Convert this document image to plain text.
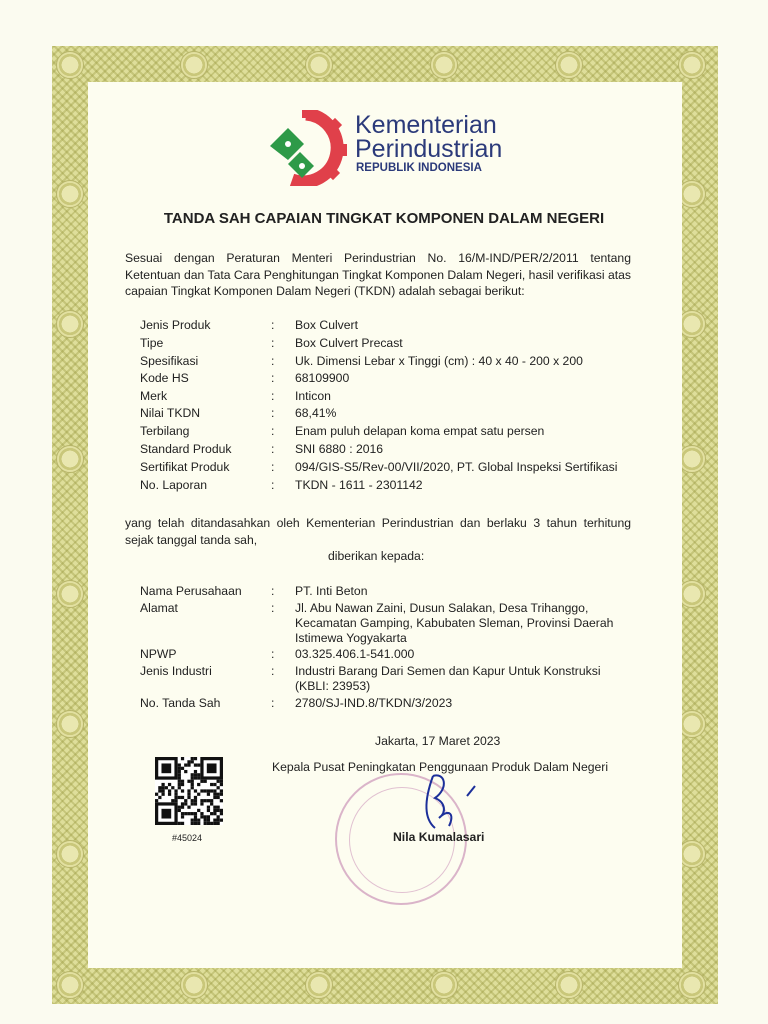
Kementerian
Perindustrian
REPUBLIK INDONESIA
TANDA SAH CAPAIAN TINGKAT KOMPONEN DALAM NEGERI
Sesuai dengan Peraturan Menteri Perindustrian No. 16/M-IND/PER/2/2011 tentang Ketentuan dan Tata Cara Penghitungan Tingkat Komponen Dalam Negeri, hasil verifikasi atas capaian Tingkat Komponen Dalam Negeri (TKDN) adalah sebagai berikut:
Jenis Produk	: Box Culvert
Tipe	: Box Culvert Precast
Spesifikasi	: Uk. Dimensi Lebar x Tinggi (cm) : 40 x 40 - 200 x 200
Kode HS	: 68109900
Merk	: Inticon
Nilai TKDN	: 68,41%
Terbilang	: Enam puluh delapan koma empat satu persen
Standard Produk	: SNI 6880 : 2016
Sertifikat Produk	: 094/GIS-S5/Rev-00/VII/2020, PT. Global Inspeksi Sertifikasi
No. Laporan	: TKDN - 1611 - 2301142
yang telah ditandasahkan oleh Kementerian Perindustrian dan berlaku 3 tahun terhitung sejak tanggal tanda sah,
diberikan kepada:
Nama Perusahaan : PT. Inti Beton
Alamat	: Jl. Abu Nawan Zaini, Dusun Salakan, Desa Trihanggo, Kecamatan Gamping, Kabubaten Sleman, Provinsi Daerah Istimewa Yogyakarta
NPWP	: 03.325.406.1-541.000
Jenis Industri	: Industri Barang Dari Semen dan Kapur Untuk Konstruksi (KBLI: 23953)
No. Tanda Sah	: 2780/SJ-IND.8/TKDN/3/2023
Jakarta, 17 Maret 2023
Kepala Pusat Peningkatan Penggunaan Produk Dalam Negeri
Nila Kumalasari
#45024
